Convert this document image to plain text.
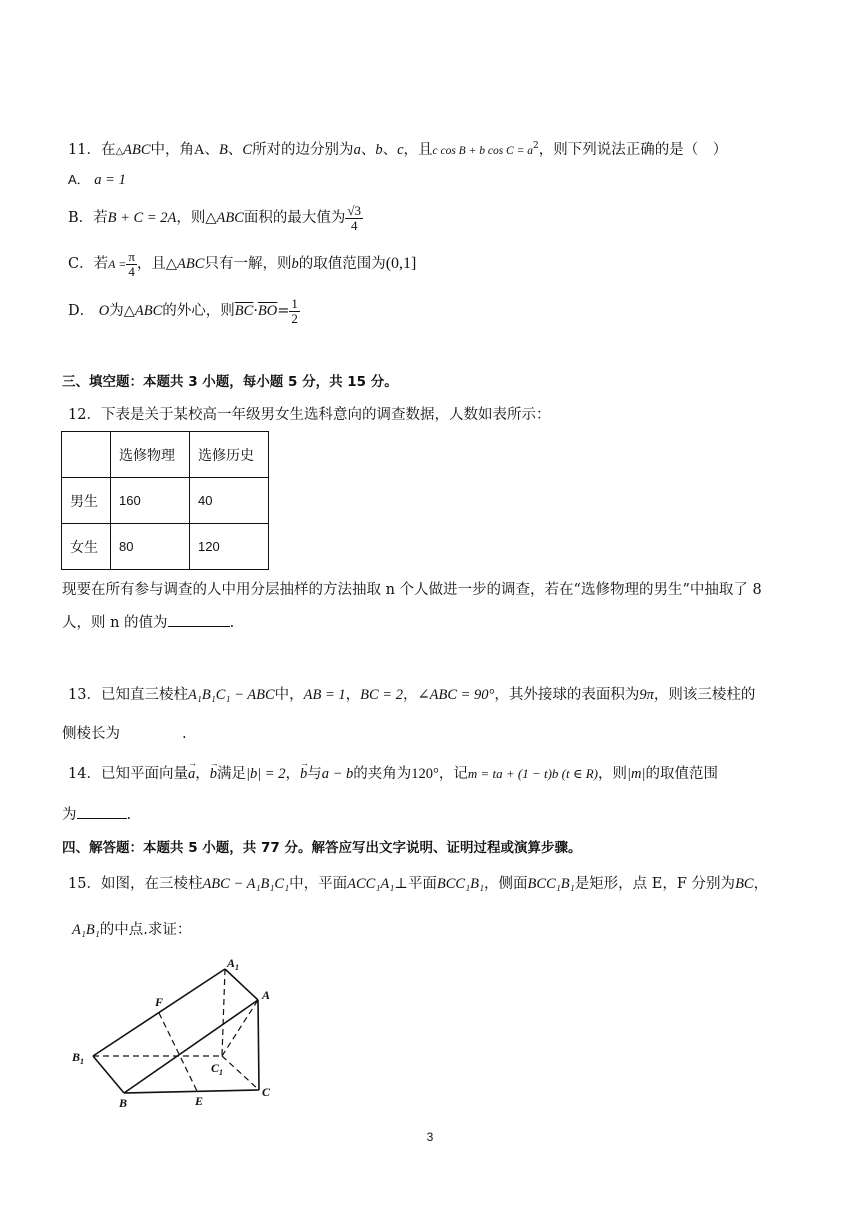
11．在△ABC中，角A、B、C所对的边分别为a、b、c，且c cos B + b $\cos C = a^2$，则下列说法正确的是（　）
A． a = 1
B．若B + C = 2A，则△ABC面积的最大值为 $\frac{√3}{4}$
C．若$A = \frac{\pi}{4}$ ，且△ABC只有一解，则b的取值范围为(0,1]
D． O为△ABC的外心，则$\overline{BC}\cdot\overline{BO}= \frac{1}{2}$
三、填空题：本题共 3 小题，每小题 5 分，共 15 分。
12．下表是关于某校高一年级男女生选科意向的调查数据，人数如表所示：
	选修物理	选修历史
男生	160	40
女生	80	120
现要在所有参与调查的人中用分层抽样的方法抽取 n 个人做进一步的调查，若在“选修物理的男生”中抽取了 8
人，则 n 的值为	.
13．已知直三棱柱A₁B₁C₁ − ABC中，AB = 1，BC = 2，∠ABC = 90°，其外接球的表面积为9π，则该三棱柱的
侧棱长为	.
14．已知平面向量→ a，→ b满足|b| = 2，→ b与a − b的夹角为120°，记m = ta + (1 − t)b (t ∈ R)，则|m|的取值范围
为	.
四、解答题：本题共 5 小题，共 77 分。解答应写出文字说明、证明过程或演算步骤。
15．如图，在三棱柱ABC − A₁B₁C₁中，平面ACC₁A₁⊥平面BCC₁B₁，侧面BCC₁B₁是矩形，点 E，F 分别为BC，
A₁B₁的中点.求证：
$A_1$
A
F
$B_1$	$C_1$
B	E
C
3
